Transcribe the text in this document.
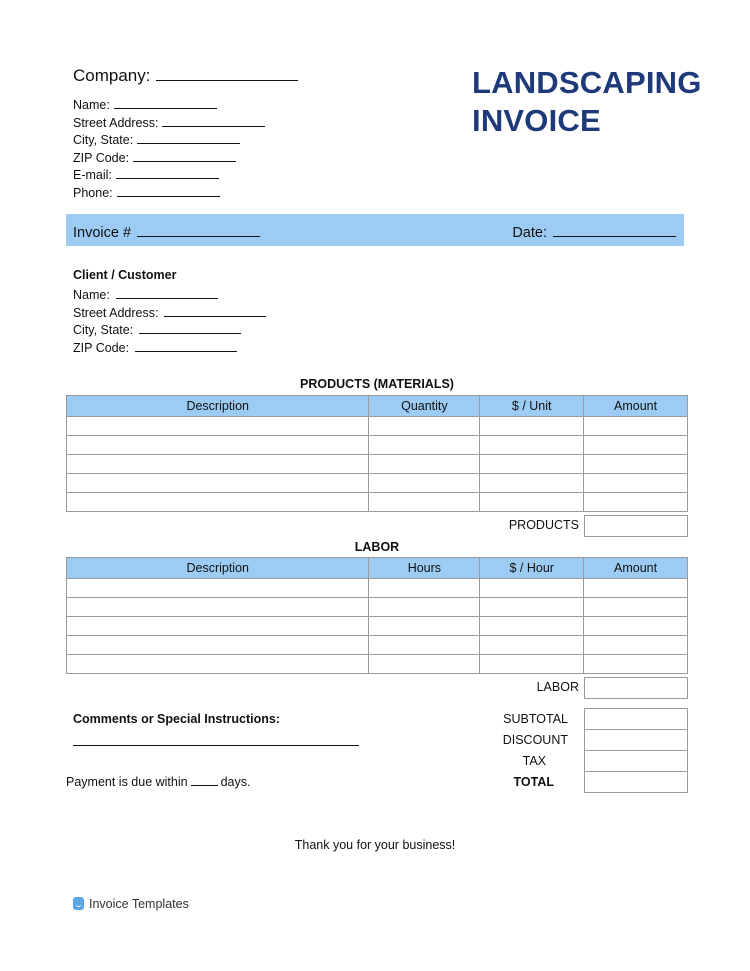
Company:
Name:
Street Address:
City, State:
ZIP Code:
E-mail:
Phone:
LANDSCAPING
INVOICE
Invoice #	Date:
Client / Customer
Name:
Street Address:
City, State:
ZIP Code:
PRODUCTS (MATERIALS)
Description	Quantity	$ / Unit	Amount

PRODUCTS
LABOR
Description	Hours	$ / Hour	Amount

LABOR
Comments or Special Instructions:
Payment is due within	days.
SUBTOTAL
DISCOUNT
TAX
TOTAL
Thank you for your business!
Invoice Templates
